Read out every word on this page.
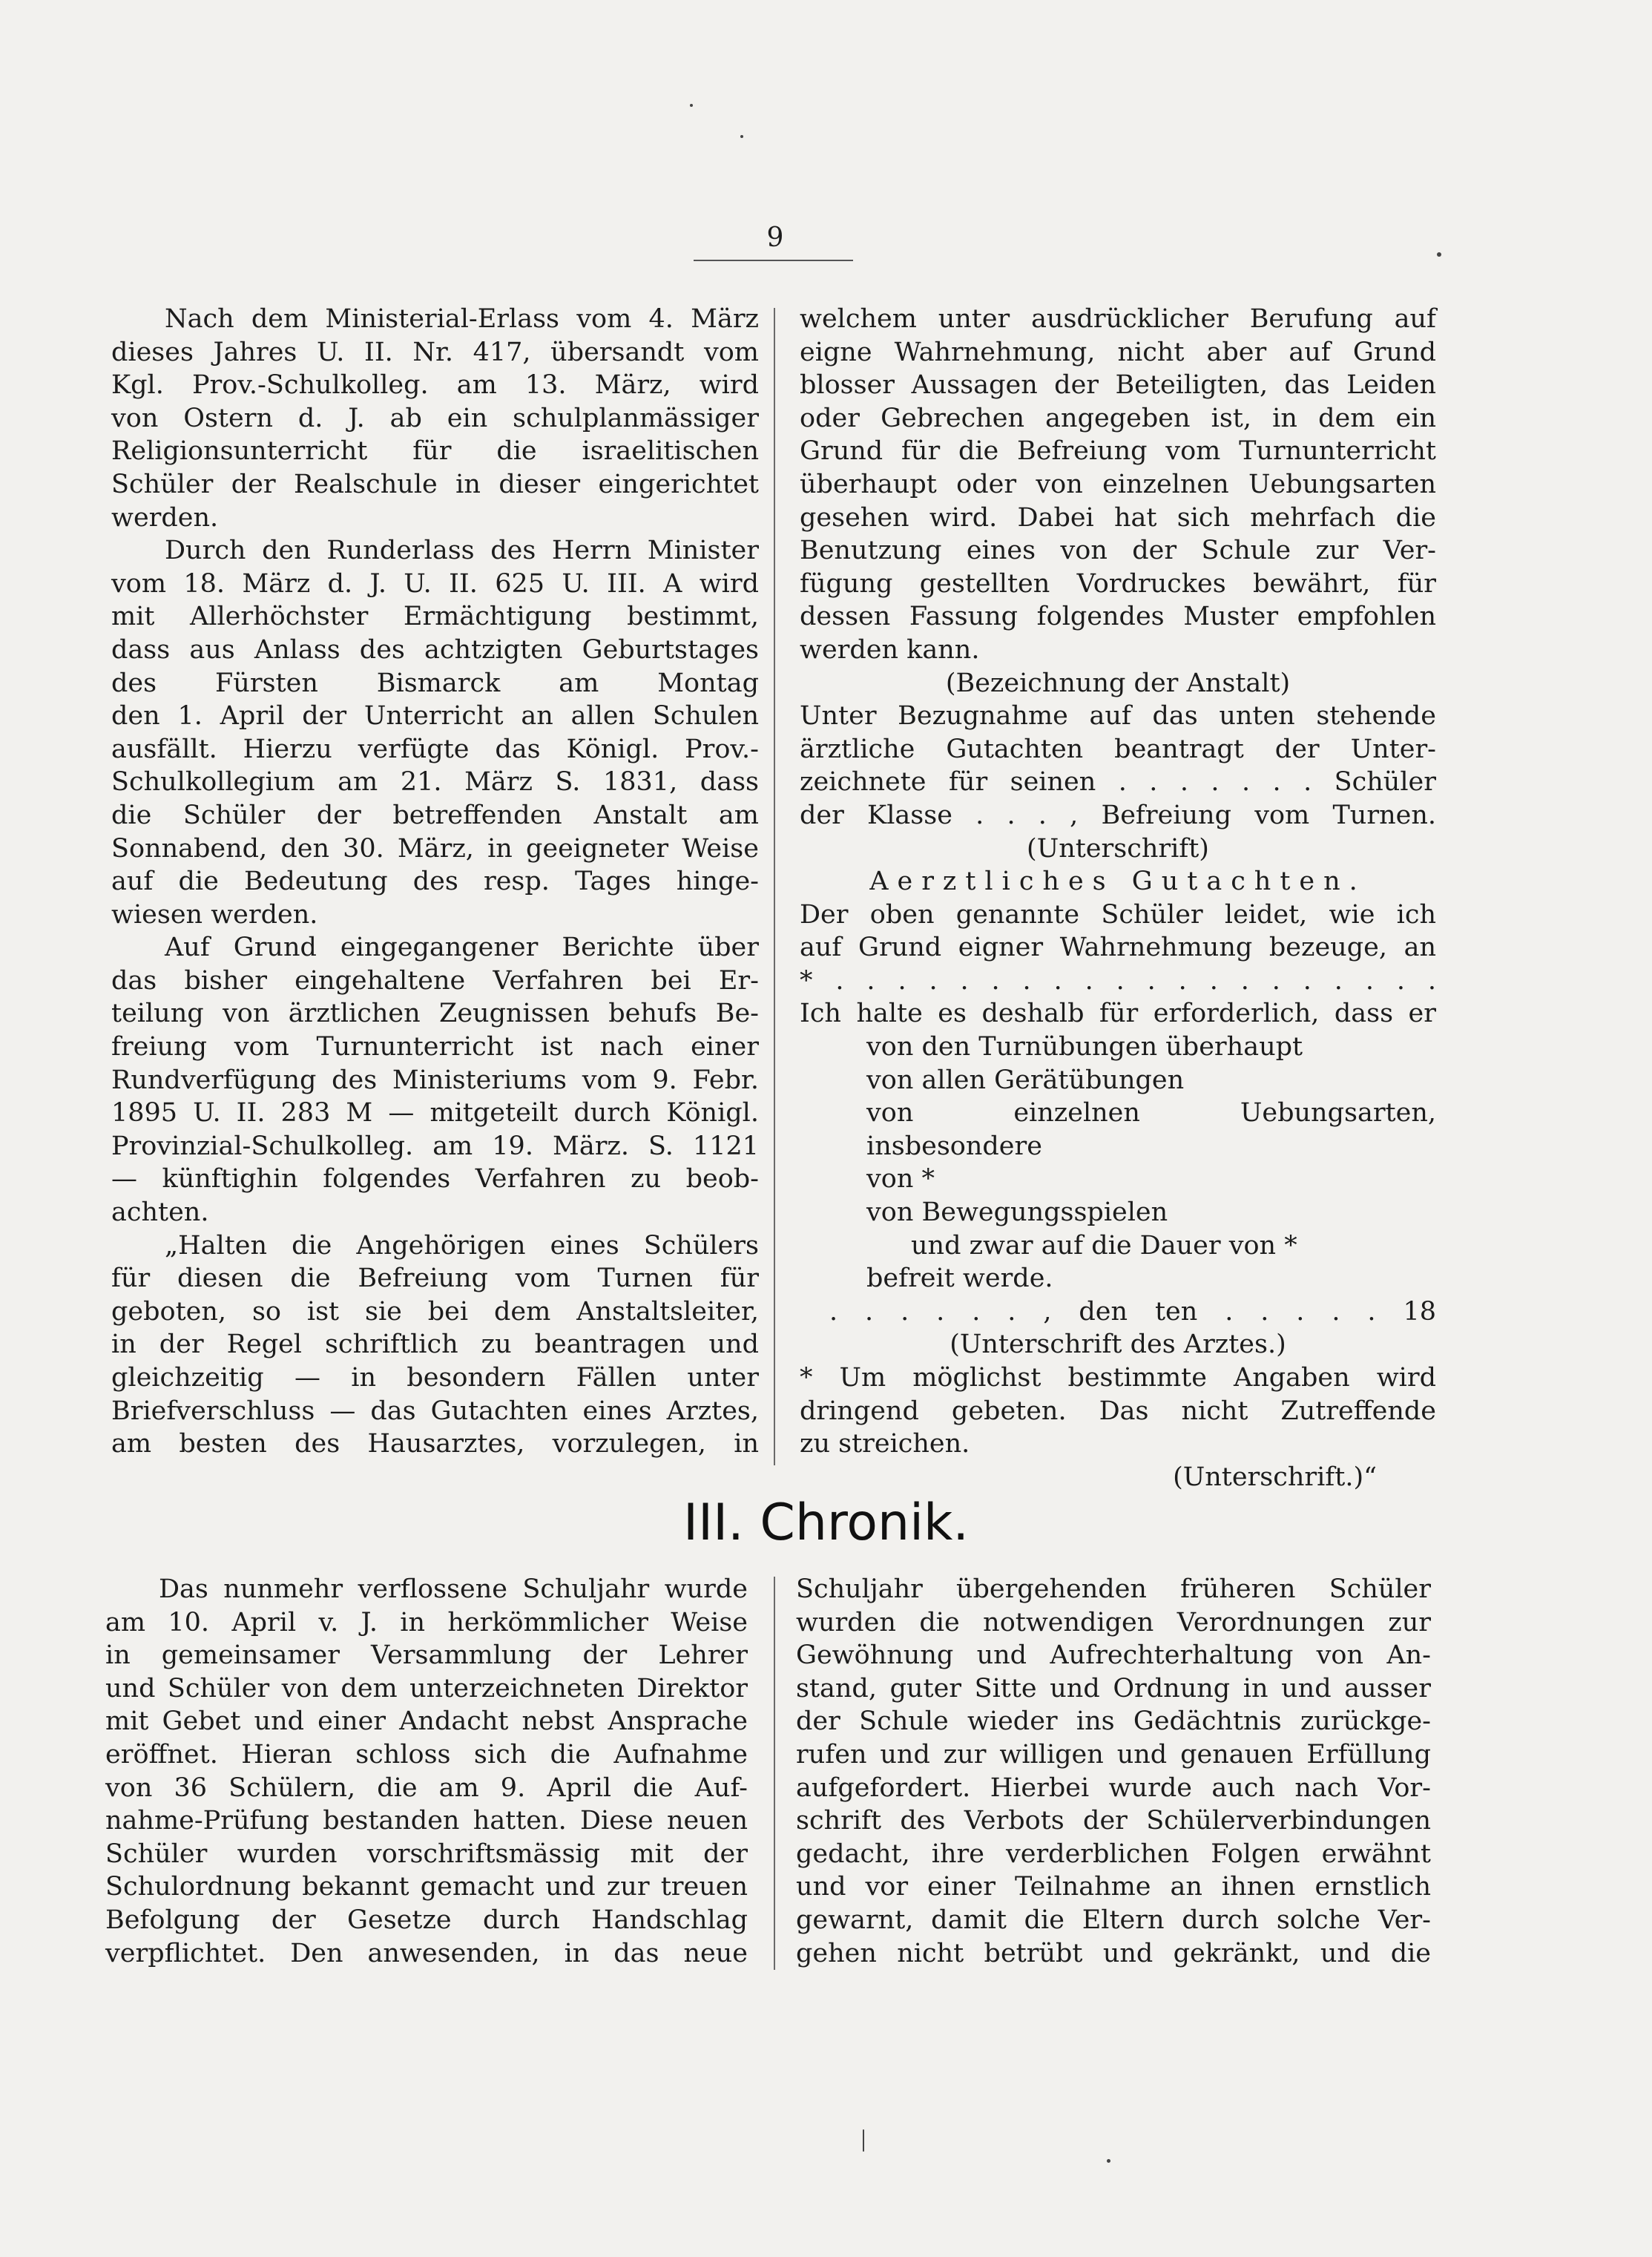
9
Nach dem Ministerial-Erlass vom 4. März
dieses Jahres U. II. Nr. 417, übersandt vom
Kgl. Prov.-Schulkolleg. am 13. März, wird
von Ostern d. J. ab ein schulplanmässiger
Religionsunterricht für die israelitischen
Schüler der Realschule in dieser eingerichtet
werden.
Durch den Runderlass des Herrn Minister
vom 18. März d. J. U. II. 625 U. III. A wird
mit Allerhöchster Ermächtigung bestimmt,
dass aus Anlass des achtzigten Geburtstages
des Fürsten Bismarck am Montag
den 1. April der Unterricht an allen Schulen
ausfällt. Hierzu verfügte das Königl. Prov.-
Schulkollegium am 21. März S. 1831, dass
die Schüler der betreffenden Anstalt am
Sonnabend, den 30. März, in geeigneter Weise
auf die Bedeutung des resp. Tages hinge-
wiesen werden.
Auf Grund eingegangener Berichte über
das bisher eingehaltene Verfahren bei Er-
teilung von ärztlichen Zeugnissen behufs Be-
freiung vom Turnunterricht ist nach einer
Rundverfügung des Ministeriums vom 9. Febr.
1895 U. II. 283 M — mitgeteilt durch Königl.
Provinzial-Schulkolleg. am 19. März. S. 1121
— künftighin folgendes Verfahren zu beob-
achten.
„Halten die Angehörigen eines Schülers
für diesen die Befreiung vom Turnen für
geboten, so ist sie bei dem Anstaltsleiter,
in der Regel schriftlich zu beantragen und
gleichzeitig — in besondern Fällen unter
Briefverschluss — das Gutachten eines Arztes,
am besten des Hausarztes, vorzulegen, in
welchem unter ausdrücklicher Berufung auf
eigne Wahrnehmung, nicht aber auf Grund
blosser Aussagen der Beteiligten, das Leiden
oder Gebrechen angegeben ist, in dem ein
Grund für die Befreiung vom Turnunterricht
überhaupt oder von einzelnen Uebungsarten
gesehen wird. Dabei hat sich mehrfach die
Benutzung eines von der Schule zur Ver-
fügung gestellten Vordruckes bewährt, für
dessen Fassung folgendes Muster empfohlen
werden kann.
(Bezeichnung der Anstalt)
Unter Bezugnahme auf das unten stehende
ärztliche Gutachten beantragt der Unter-
zeichnete für seinen . . . . . . . Schüler
der Klasse . . . , Befreiung vom Turnen.
(Unterschrift)
Aerztliches Gutachten.
Der oben genannte Schüler leidet, wie ich
auf Grund eigner Wahrnehmung bezeuge, an
* . . . . . . . . . . . . . . . . . . . .
Ich halte es deshalb für erforderlich, dass er
von den Turnübungen überhaupt
von allen Gerätübungen
von einzelnen Uebungsarten, insbesondere
von *
von Bewegungsspielen
und zwar auf die Dauer von *
befreit werde.
. . . . . . , den ten . . . . . 18
(Unterschrift des Arztes.)
* Um möglichst bestimmte Angaben wird
dringend gebeten. Das nicht Zutreffende
zu streichen.
(Unterschrift.)“
III. Chronik.
Das nunmehr verflossene Schuljahr wurde
am 10. April v. J. in herkömmlicher Weise
in gemeinsamer Versammlung der Lehrer
und Schüler von dem unterzeichneten Direktor
mit Gebet und einer Andacht nebst Ansprache
eröffnet. Hieran schloss sich die Aufnahme
von 36 Schülern, die am 9. April die Auf-
nahme-Prüfung bestanden hatten. Diese neuen
Schüler wurden vorschriftsmässig mit der
Schulordnung bekannt gemacht und zur treuen
Befolgung der Gesetze durch Handschlag
verpflichtet. Den anwesenden, in das neue
Schuljahr übergehenden früheren Schüler
wurden die notwendigen Verordnungen zur
Gewöhnung und Aufrechterhaltung von An-
stand, guter Sitte und Ordnung in und ausser
der Schule wieder ins Gedächtnis zurückge-
rufen und zur willigen und genauen Erfüllung
aufgefordert. Hierbei wurde auch nach Vor-
schrift des Verbots der Schülerverbindungen
gedacht, ihre verderblichen Folgen erwähnt
und vor einer Teilnahme an ihnen ernstlich
gewarnt, damit die Eltern durch solche Ver-
gehen nicht betrübt und gekränkt, und die
